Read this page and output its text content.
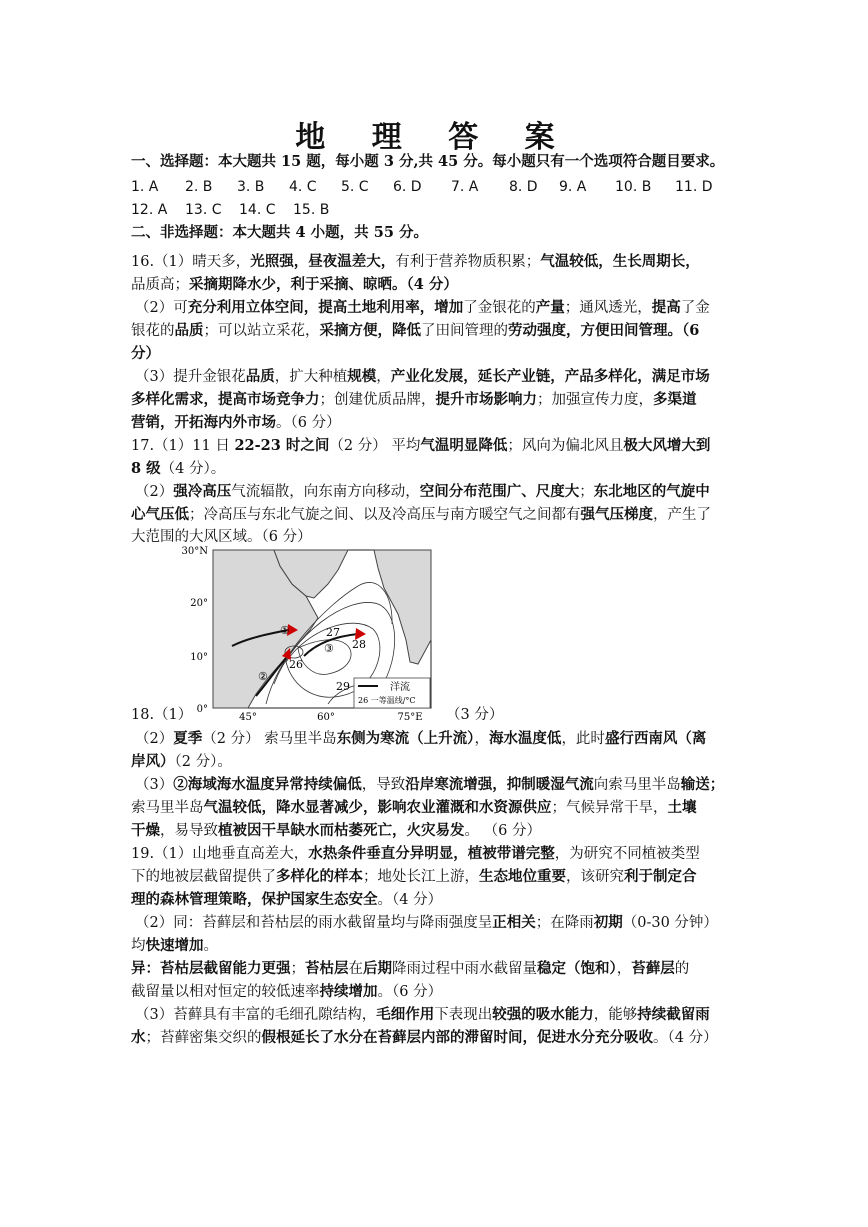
地 理 答 案
一、选择题：本大题共 15 题，每小题 3 分,共 45 分。每小题只有一个选项符合题目要求。
1. A 2. B 3. B 4. C 5. C 6. D 7. A 8. D 9. A 10. B 11. D
12. A 13. C 14. C 15. B
二、非选择题：本大题共 4 小题，共 55 分。
16.（1）晴天多，光照强，昼夜温差大，有利于营养物质积累；气温较低，生长周期长，
品质高；采摘期降水少，利于采摘、晾晒。（4 分）
（2）可充分利用立体空间，提高土地利用率，增加了金银花的产量；通风透光，提高了金
银花的品质；可以站立采花，采摘方便，降低了田间管理的劳动强度，方便田间管理。（6
分）
（3）提升金银花品质，扩大种植规模，产业化发展，延长产业链，产品多样化，满足市场
多样化需求，提高市场竞争力；创建优质品牌，提升市场影响力；加强宣传力度，多渠道
营销，开拓海内外市场。（6 分）
17.（1）11 日 22-23 时之间（2 分） 平均气温明显降低；风向为偏北风且极大风增大到
8 级（4 分）。
（2）强冷高压气流辐散，向东南方向移动，空间分布范围广、尺度大；东北地区的气旋中
心气压低；冷高压与东北气旋之间、以及冷高压与南方暖空气之间都有强气压梯度，产生了
大范围的大风区域。（6 分）
30°N
20°
10°
0°
45°	60°	75°E
26
27
28
29
①
②
③
洋流
26 一等温线/°C
18.（1）	（3 分）
（2）夏季（2 分） 索马里半岛东侧为寒流（上升流），海水温度低，此时盛行西南风（离
岸风）（2 分）。
（3）②海域海水温度异常持续偏低，导致沿岸寒流增强，抑制暖湿气流向索马里半岛输送；
索马里半岛气温较低，降水显著减少，影响农业灌溉和水资源供应；气候异常干旱，土壤
干燥，易导致植被因干旱缺水而枯萎死亡，火灾易发。 （6 分）
19.（1）山地垂直高差大，水热条件垂直分异明显，植被带谱完整，为研究不同植被类型
下的地被层截留提供了多样化的样本；地处长江上游，生态地位重要，该研究利于制定合
理的森林管理策略，保护国家生态安全。（4 分）
（2）同：苔藓层和苔枯层的雨水截留量均与降雨强度呈正相关；在降雨初期（0-30 分钟）
均快速增加。
异：苔枯层截留能力更强；苔枯层在后期降雨过程中雨水截留量稳定（饱和），苔藓层的
截留量以相对恒定的较低速率持续增加。（6 分）
（3）苔藓具有丰富的毛细孔隙结构，毛细作用下表现出较强的吸水能力，能够持续截留雨
水；苔藓密集交织的假根延长了水分在苔藓层内部的滞留时间，促进水分充分吸收。（4 分）
